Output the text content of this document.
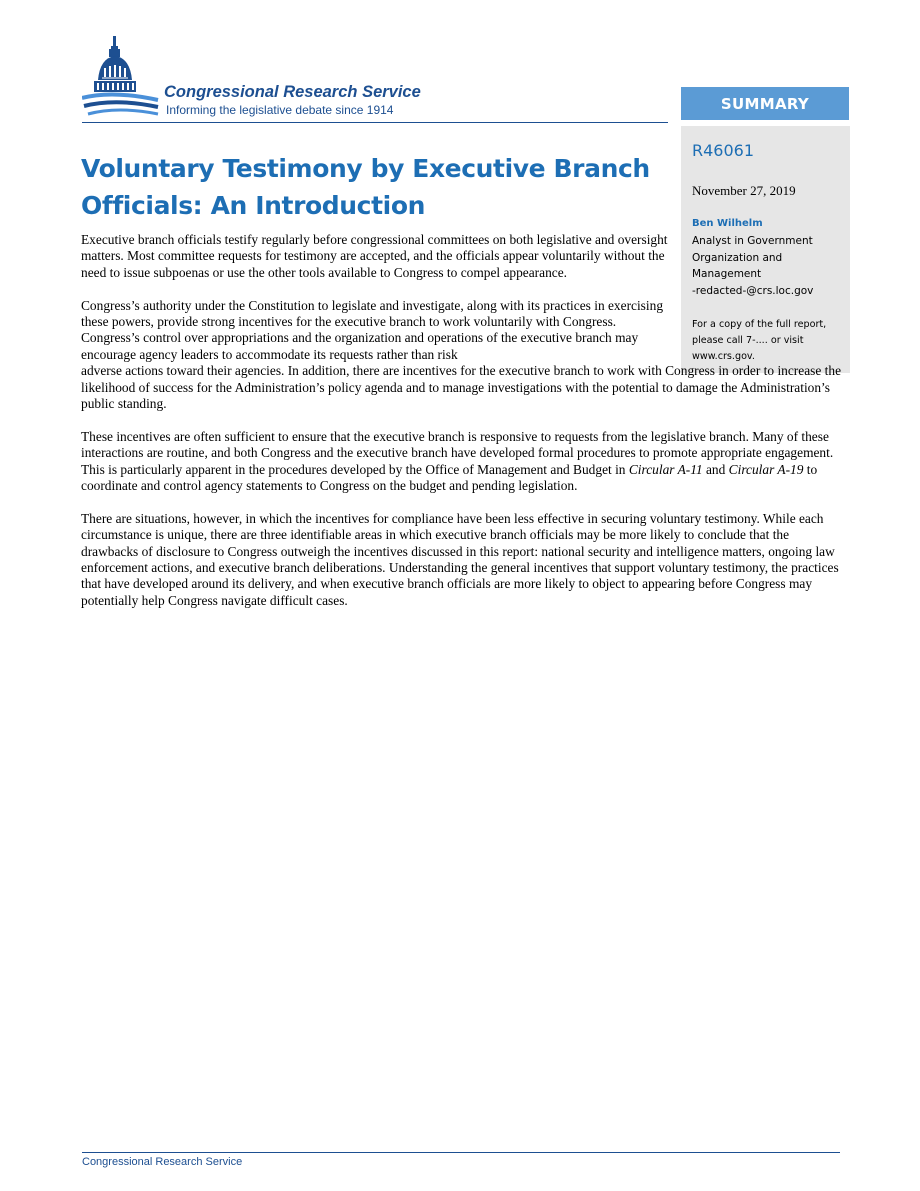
Congressional Research Service
Informing the legislative debate since 1914	SUMMARY
R46061
November 27, 2019
Ben Wilhelm
Analyst in Government
Organization and
Management
-redacted-@crs.loc.gov
For a copy of the full report, please call 7-.... or visit www.crs.gov.
Voluntary Testimony by Executive Branch Officials: An Introduction

Executive branch officials testify regularly before congressional committees on both legislative and oversight matters. Most committee requests for testimony are accepted, and the officials appear voluntarily without the need to issue subpoenas or use the other tools available to Congress to compel appearance.

Congress’s authority under the Constitution to legislate and investigate, along with its practices in exercising these powers, provide strong incentives for the executive branch to work voluntarily with Congress. Congress’s control over appropriations and the organization and operations of the executive branch may encourage agency leaders to accommodate its requests rather than risk
adverse actions toward their agencies. In addition, there are incentives for the executive branch to work with Congress in order to increase the likelihood of success for the Administration’s policy agenda and to manage investigations with the potential to damage the Administration’s public standing.

These incentives are often sufficient to ensure that the executive branch is responsive to requests from the legislative branch. Many of these interactions are routine, and both Congress and the executive branch have developed formal procedures to promote appropriate engagement. This is particularly apparent in the procedures developed by the Office of Management and Budget in Circular A-11 and Circular A-19 to coordinate and control agency statements to Congress on the budget and pending legislation.

There are situations, however, in which the incentives for compliance have been less effective in securing voluntary testimony. While each circumstance is unique, there are three identifiable areas in which executive branch officials may be more likely to conclude that the drawbacks of disclosure to Congress outweigh the incentives discussed in this report: national security and intelligence matters, ongoing law enforcement actions, and executive branch deliberations. Understanding the general incentives that support voluntary testimony, the practices that have developed around its delivery, and when executive branch officials are more likely to object to appearing before Congress may potentially help Congress navigate difficult cases.

Congressional Research Service
